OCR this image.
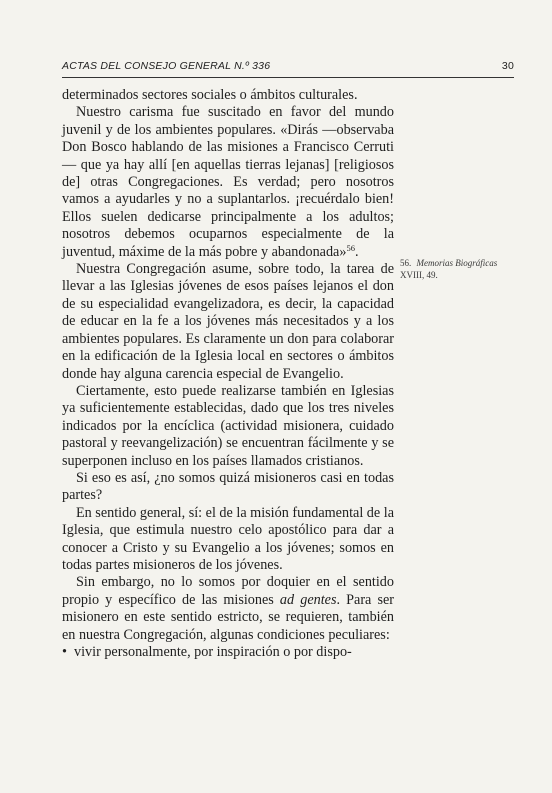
ACTAS DEL CONSEJO GENERAL N.º 336	30

determinados sectores sociales o ámbitos culturales.

Nuestro carisma fue suscitado en favor del mundo juvenil y de los ambientes populares. «Dirás —observaba Don Bosco hablando de las misiones a Francisco Cerruti— que ya hay allí [en aquellas tierras lejanas] [religiosos de] otras Congregaciones. Es verdad; pero nosotros vamos a ayudarles y no a suplantarlos. ¡recuérdalo bien! Ellos suelen dedicarse principalmente a los adultos; nosotros debemos ocuparnos especialmente de la juventud, máxime de la más pobre y abandonada»$^{56}$.

Nuestra Congregación asume, sobre todo, la tarea de llevar a las Iglesias jóvenes de esos países lejanos el don de su especialidad evangelizadora, es decir, la capacidad de educar en la fe a los jóvenes más necesitados y a los ambientes populares. Es claramente un don para colaborar en la edificación de la Iglesia local en sectores o ámbitos donde hay alguna carencia especial de Evangelio.

Ciertamente, esto puede realizarse también en Iglesias ya suficientemente establecidas, dado que los tres niveles indicados por la encíclica (actividad misionera, cuidado pastoral y reevangelización) se encuentran fácilmente y se superponen incluso en los países llamados cristianos.

Si eso es así, ¿no somos quizá misioneros casi en todas partes?

En sentido general, sí: el de la misión fundamental de la Iglesia, que estimula nuestro celo apostólico para dar a conocer a Cristo y su Evangelio a los jóvenes; somos en todas partes misioneros de los jóvenes.

Sin embargo, no lo somos por doquier en el sentido propio y específico de las misiones ad gentes. Para ser misionero en este sentido estricto, se requieren, también en nuestra Congregación, algunas condiciones peculiares:

• vivir personalmente, por inspiración o por dispo-

56. Memorias Biográficas
XVIII, 49.
